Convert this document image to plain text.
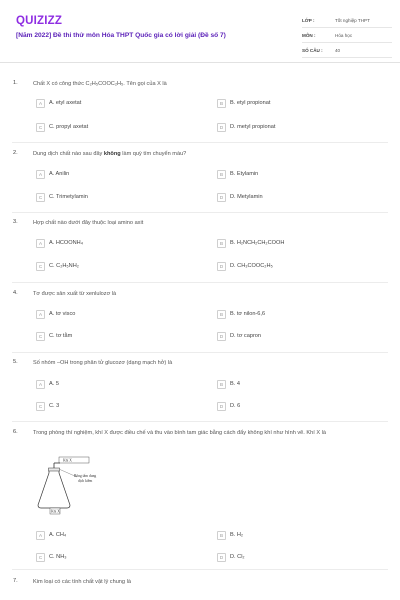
QUIZIZZ
[Năm 2022] Đề thi thử môn Hóa THPT Quốc gia có lời giải (Đề số 7)
LỚP :	Tốt nghiệp THPT
MÔN :	Hóa học
SỐ CÂU :	40
1.	Chất X có công thức C₂H₅COOC₂H₅. Tên gọi của X là
A	A. etyl axetat	B	B. etyl propionat
C	C. propyl axetat	D	D. metyl propionat
2.	Dung dịch chất nào sau đây không làm quỳ tím chuyển màu?
A	A. Anilin	B	B. Etylamin
C	C. Trimetylamin	D	D. Metylamin
3.	Hợp chất nào dưới đây thuộc loại amino axit
A	A. HCOONH₄	B	B. H₂NCH₂CH₂COOH
C	C. C₂H₅NH₂	D	D. CH₃COOC₂H₅
4.	Tơ được sản xuất từ xenlulozơ là
A	A. tơ visco	B	B. tơ nilon-6,6
C	C. tơ tằm	D	D. tơ capron
5.	Số nhóm –OH trong phân tử glucozơ (dạng mạch hở) là
A	A. 5	B	B. 4
C	C. 3	D	D. 6
6.	Trong phòng thí nghiệm, khí X được điều chế và thu vào bình tam giác bằng cách đẩy không khí như hình vẽ. Khí X là
A	A. CH₄	B	B. H₂
C	C. NH₃	D	D. Cl₂
Khí X
Bông tẩm dung
dịch kiềm
Khí X
7.	Kim loại có các tính chất vật lý chung là
